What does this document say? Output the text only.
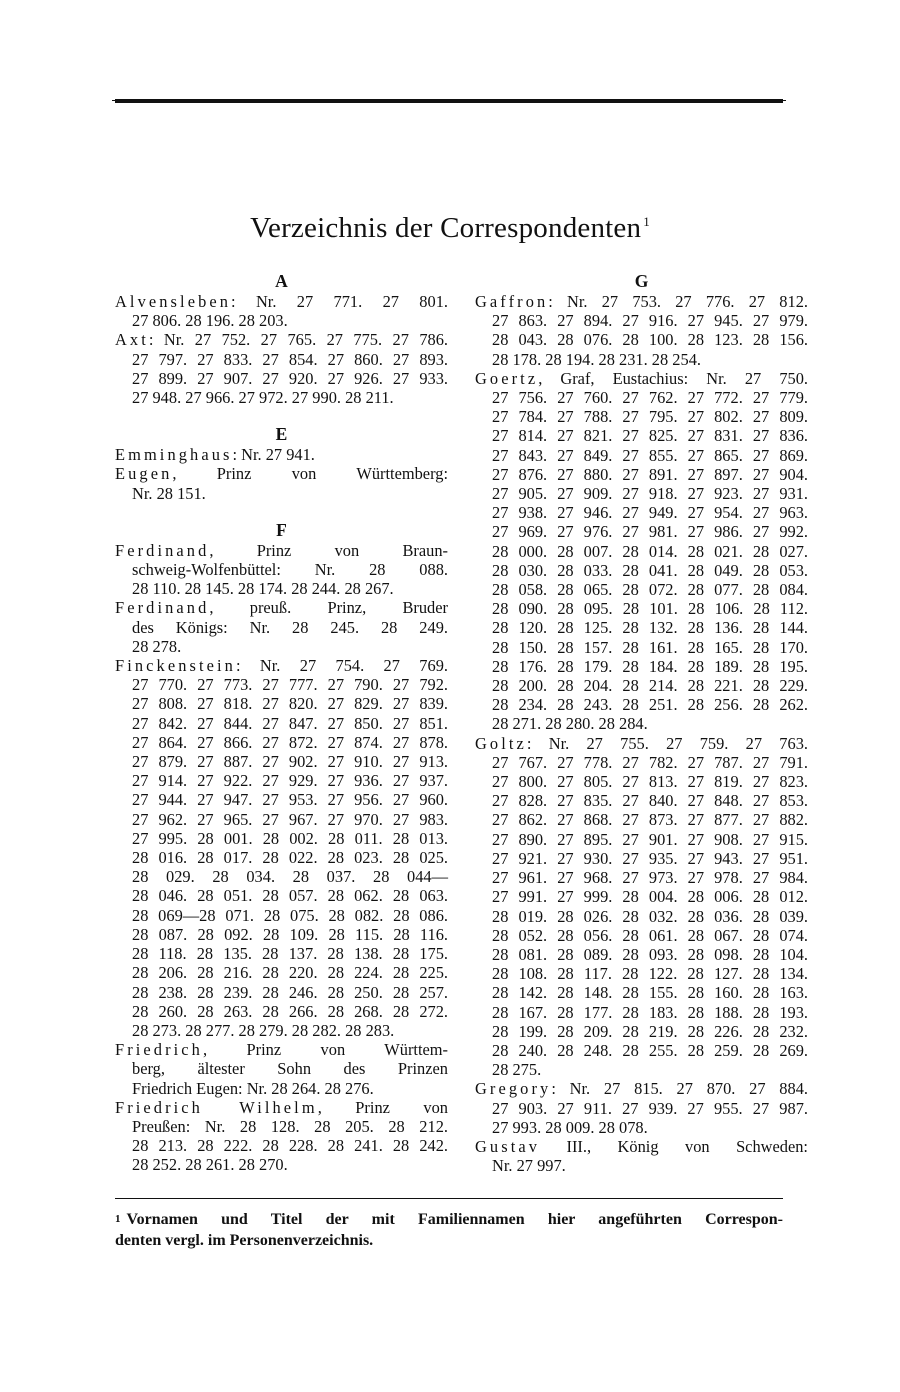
Verzeichnis der Correspondenten $^1$
A
Alvensleben: Nr. 27 771. 27 801.
27 806. 28 196. 28 203.
Axt: Nr. 27 752. 27 765. 27 775. 27 786.
27 797. 27 833. 27 854. 27 860. 27 893.
27 899. 27 907. 27 920. 27 926. 27 933.
27 948. 27 966. 27 972. 27 990. 28 211.
E
Emminghaus: Nr. 27 941.
Eugen, Prinz von Württemberg:
Nr. 28 151.
F
Ferdinand, Prinz von Braun-
schweig-Wolfenbüttel: Nr. 28 088.
28 110. 28 145. 28 174. 28 244. 28 267.
Ferdinand, preuß. Prinz, Bruder
des Königs: Nr. 28 245. 28 249.
28 278.
Finckenstein: Nr. 27 754. 27 769.
27 770. 27 773. 27 777. 27 790. 27 792.
27 808. 27 818. 27 820. 27 829. 27 839.
27 842. 27 844. 27 847. 27 850. 27 851.
27 864. 27 866. 27 872. 27 874. 27 878.
27 879. 27 887. 27 902. 27 910. 27 913.
27 914. 27 922. 27 929. 27 936. 27 937.
27 944. 27 947. 27 953. 27 956. 27 960.
27 962. 27 965. 27 967. 27 970. 27 983.
27 995. 28 001. 28 002. 28 011. 28 013.
28 016. 28 017. 28 022. 28 023. 28 025.
28 029. 28 034. 28 037. 28 044—
28 046. 28 051. 28 057. 28 062. 28 063.
28 069—28 071. 28 075. 28 082. 28 086.
28 087. 28 092. 28 109. 28 115. 28 116.
28 118. 28 135. 28 137. 28 138. 28 175.
28 206. 28 216. 28 220. 28 224. 28 225.
28 238. 28 239. 28 246. 28 250. 28 257.
28 260. 28 263. 28 266. 28 268. 28 272.
28 273. 28 277. 28 279. 28 282. 28 283.
Friedrich, Prinz von Württem-
berg, ältester Sohn des Prinzen
Friedrich Eugen: Nr. 28 264. 28 276.
Friedrich Wilhelm, Prinz von
Preußen: Nr. 28 128. 28 205. 28 212.
28 213. 28 222. 28 228. 28 241. 28 242.
28 252. 28 261. 28 270.
G
Gaffron: Nr. 27 753. 27 776. 27 812.
27 863. 27 894. 27 916. 27 945. 27 979.
28 043. 28 076. 28 100. 28 123. 28 156.
28 178. 28 194. 28 231. 28 254.
Goertz, Graf, Eustachius: Nr. 27 750.
27 756. 27 760. 27 762. 27 772. 27 779.
27 784. 27 788. 27 795. 27 802. 27 809.
27 814. 27 821. 27 825. 27 831. 27 836.
27 843. 27 849. 27 855. 27 865. 27 869.
27 876. 27 880. 27 891. 27 897. 27 904.
27 905. 27 909. 27 918. 27 923. 27 931.
27 938. 27 946. 27 949. 27 954. 27 963.
27 969. 27 976. 27 981. 27 986. 27 992.
28 000. 28 007. 28 014. 28 021. 28 027.
28 030. 28 033. 28 041. 28 049. 28 053.
28 058. 28 065. 28 072. 28 077. 28 084.
28 090. 28 095. 28 101. 28 106. 28 112.
28 120. 28 125. 28 132. 28 136. 28 144.
28 150. 28 157. 28 161. 28 165. 28 170.
28 176. 28 179. 28 184. 28 189. 28 195.
28 200. 28 204. 28 214. 28 221. 28 229.
28 234. 28 243. 28 251. 28 256. 28 262.
28 271. 28 280. 28 284.
Goltz: Nr. 27 755. 27 759. 27 763.
27 767. 27 778. 27 782. 27 787. 27 791.
27 800. 27 805. 27 813. 27 819. 27 823.
27 828. 27 835. 27 840. 27 848. 27 853.
27 862. 27 868. 27 873. 27 877. 27 882.
27 890. 27 895. 27 901. 27 908. 27 915.
27 921. 27 930. 27 935. 27 943. 27 951.
27 961. 27 968. 27 973. 27 978. 27 984.
27 991. 27 999. 28 004. 28 006. 28 012.
28 019. 28 026. 28 032. 28 036. 28 039.
28 052. 28 056. 28 061. 28 067. 28 074.
28 081. 28 089. 28 093. 28 098. 28 104.
28 108. 28 117. 28 122. 28 127. 28 134.
28 142. 28 148. 28 155. 28 160. 28 163.
28 167. 28 177. 28 183. 28 188. 28 193.
28 199. 28 209. 28 219. 28 226. 28 232.
28 240. 28 248. 28 255. 28 259. 28 269.
28 275.
Gregory: Nr. 27 815. 27 870. 27 884.
27 903. 27 911. 27 939. 27 955. 27 987.
27 993. 28 009. 28 078.
Gustav III., König von Schweden:
Nr. 27 997.
$^1$ Vornamen und Titel der mit Familiennamen hier angeführten Correspon-
denten vergl. im Personenverzeichnis.
